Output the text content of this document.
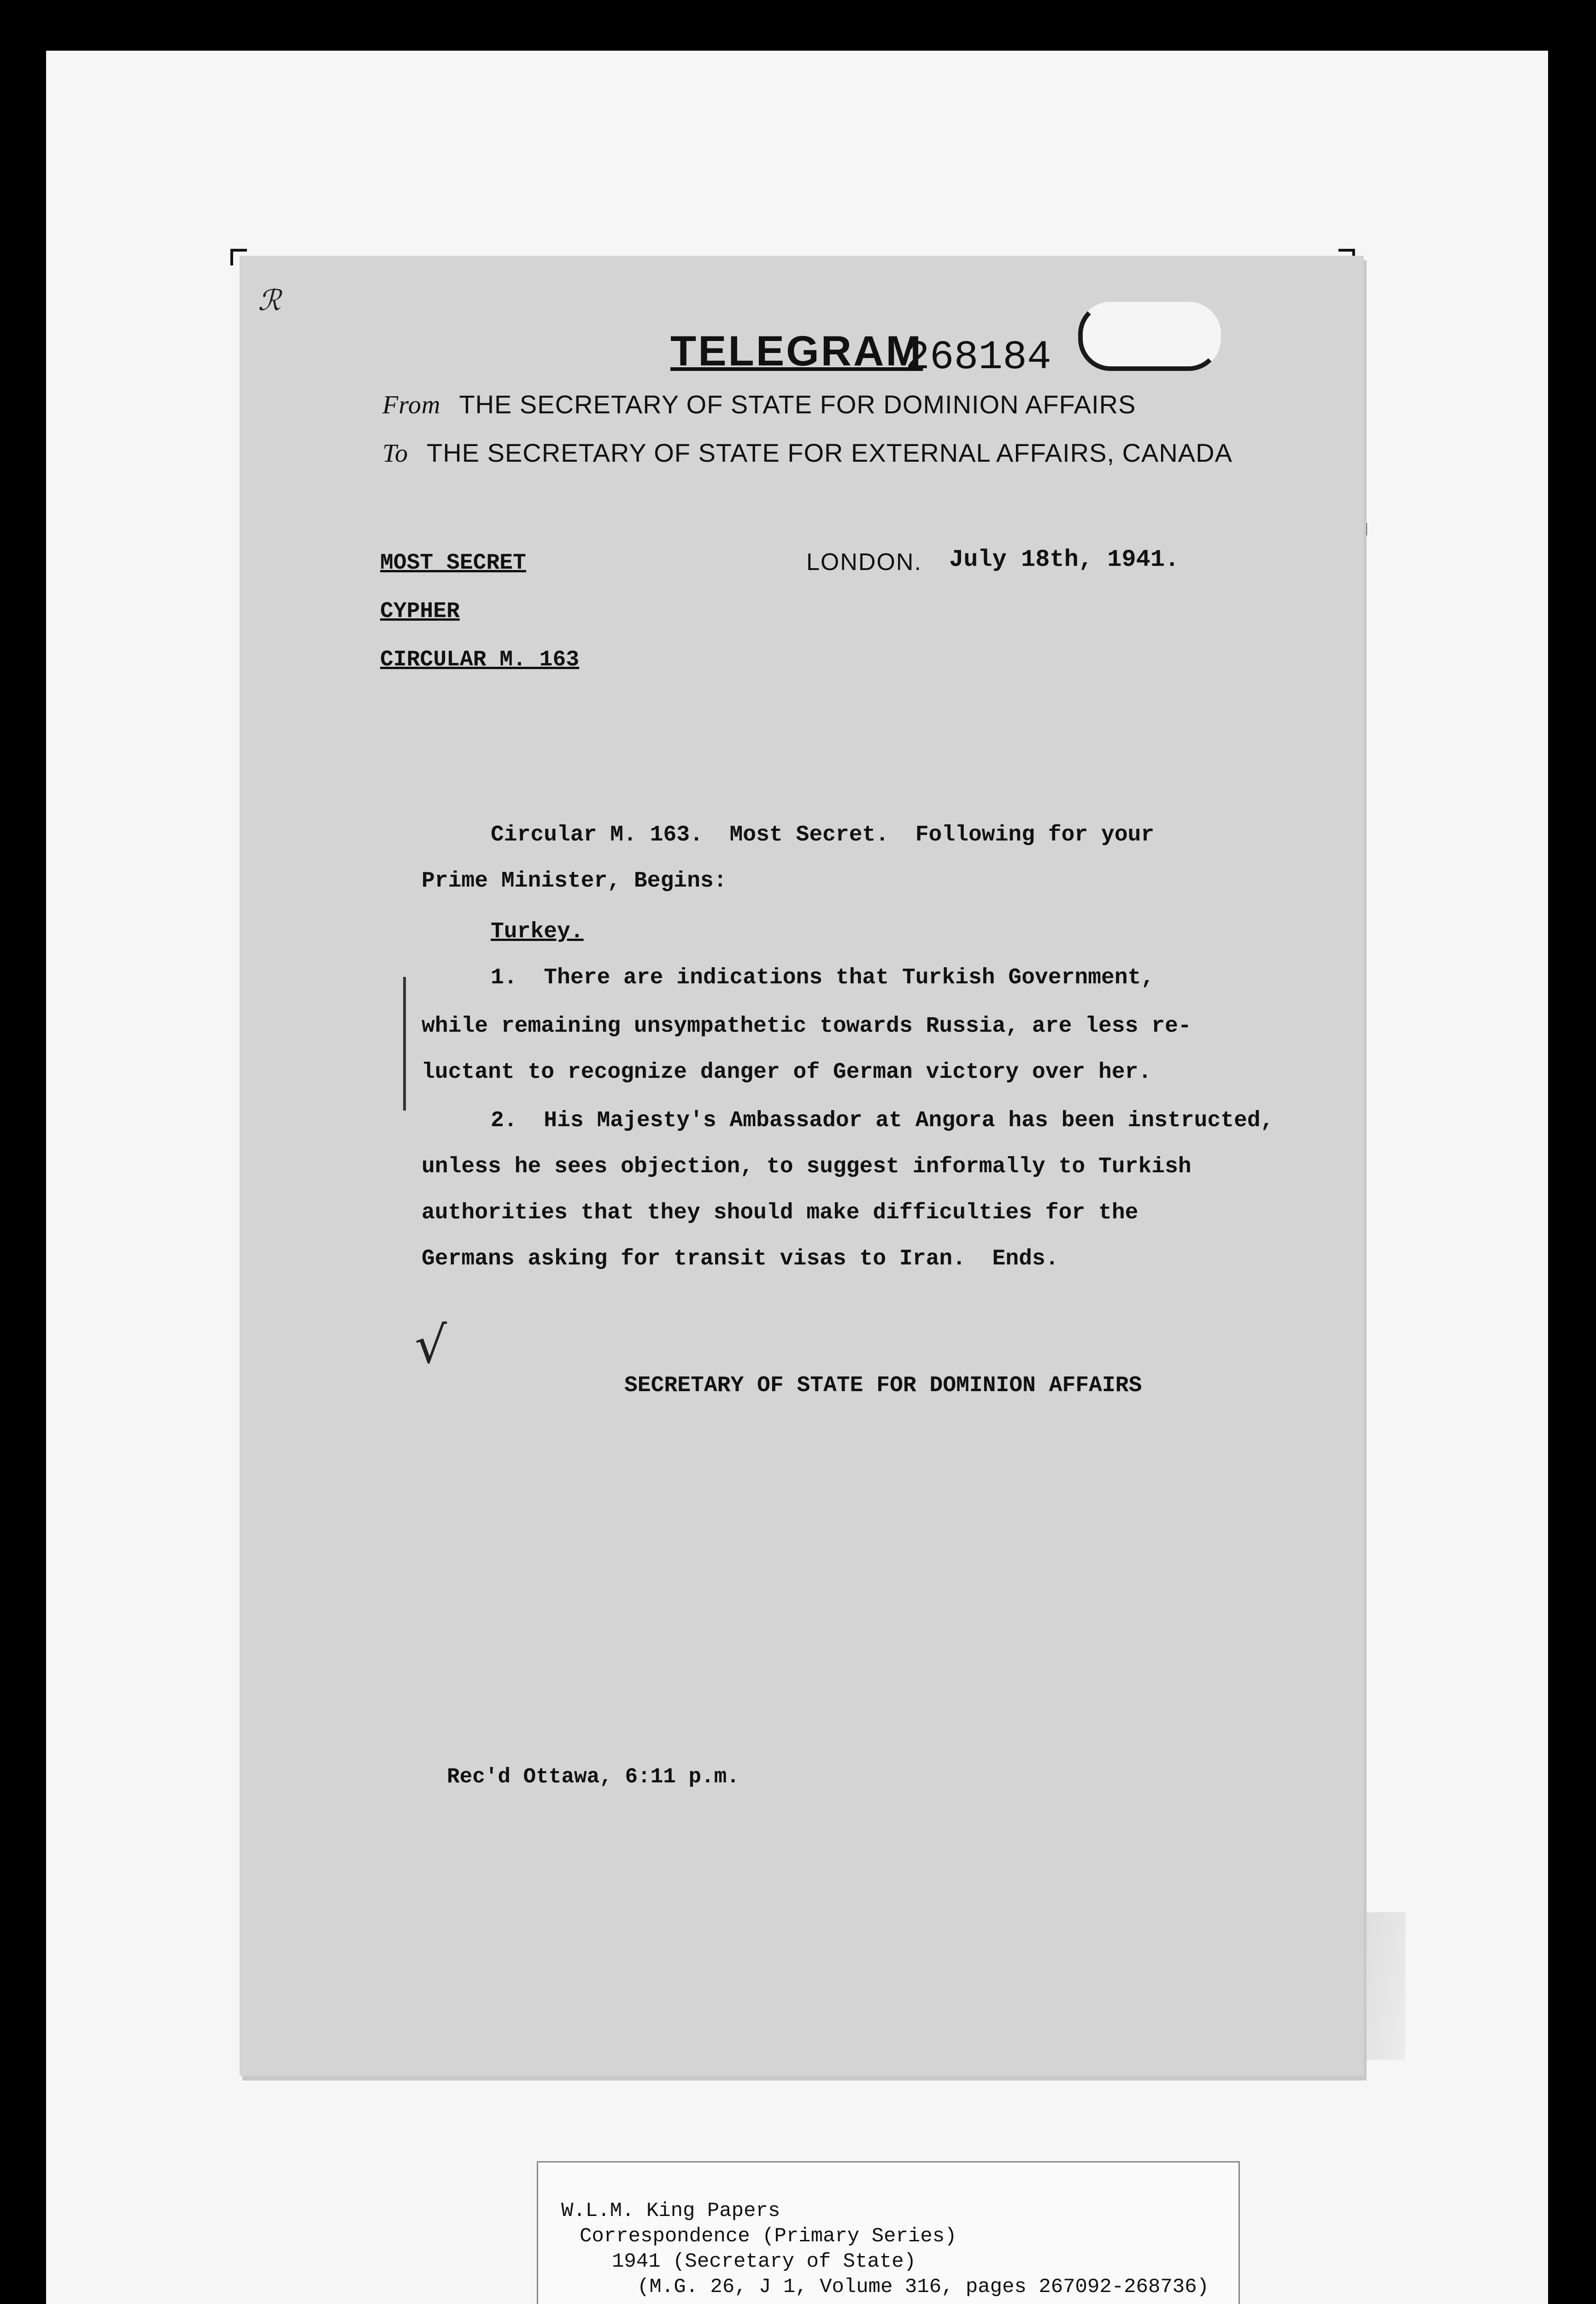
ℛ
TELEGRAM
268184
From THE SECRETARY OF STATE FOR DOMINION AFFAIRS
To THE SECRETARY OF STATE FOR EXTERNAL AFFAIRS, CANADA
MOST SECRET
CYPHER
CIRCULAR M. 163
LONDON. July 18th, 1941.
Circular M. 163.  Most Secret.  Following for your
Prime Minister, Begins:
Turkey.
1.  There are indications that Turkish Government,
while remaining unsympathetic towards Russia, are less re-
luctant to recognize danger of German victory over her.
2.  His Majesty's Ambassador at Angora has been instructed,
unless he sees objection, to suggest informally to Turkish
authorities that they should make difficulties for the
Germans asking for transit visas to Iran.  Ends.
√
SECRETARY OF STATE FOR DOMINION AFFAIRS
Rec'd Ottawa, 6:11 p.m.
W.L.M. King Papers
Correspondence (Primary Series)
1941 (Secretary of State)
(M.G. 26, J 1, Volume 316, pages 267092-268736)
